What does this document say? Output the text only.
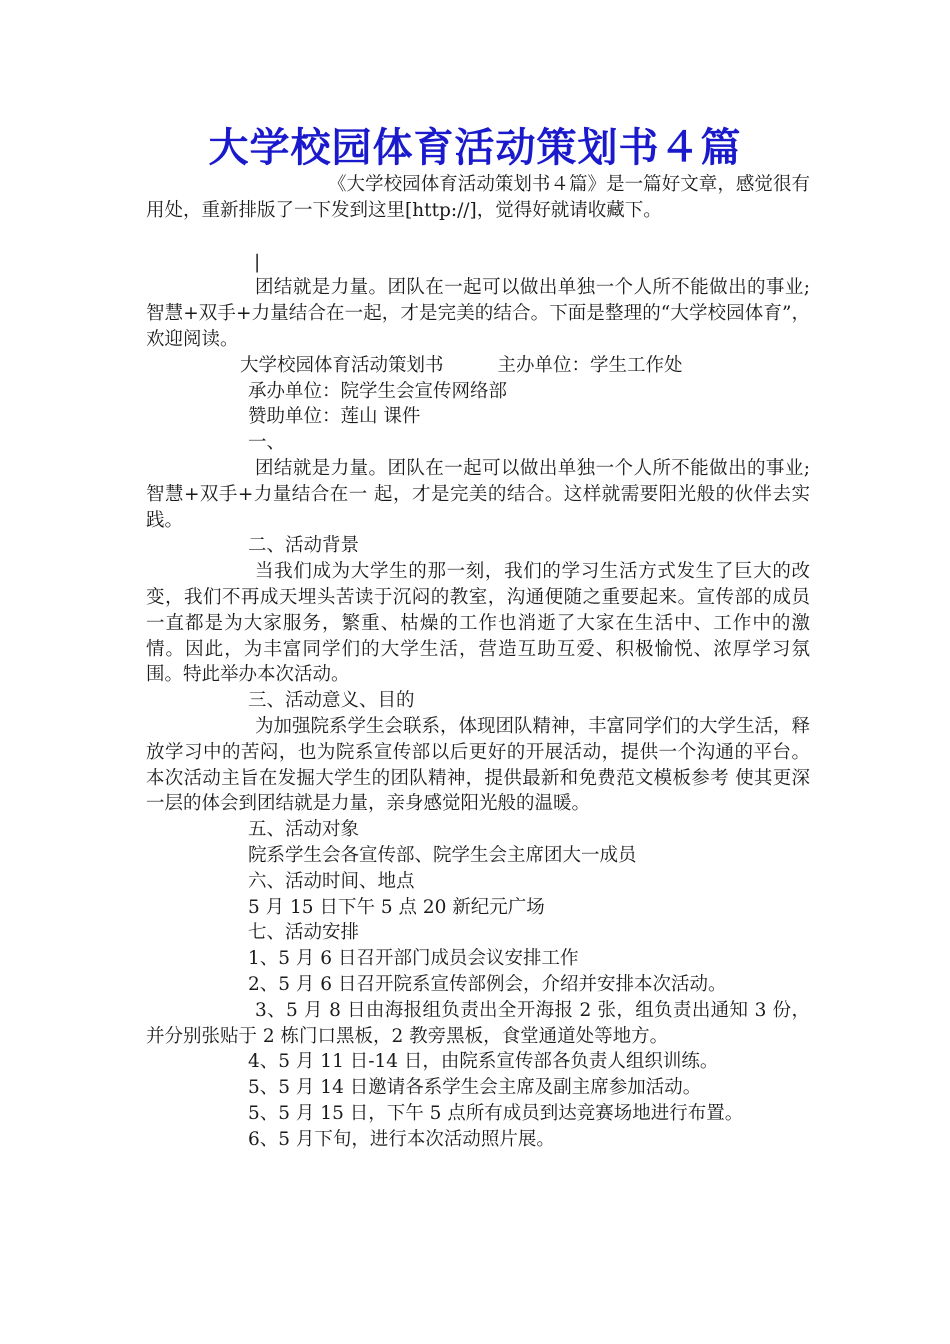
大学校园体育活动策划书４篇

《大学校园体育活动策划书４篇》是一篇好文章，感觉很有用处，重新排版了一下发到这里[http://]，觉得好就请收藏下。

|

团结就是力量。团队在一起可以做出单独一个人所不能做出的事业;智慧+双手+力量结合在一起，才是完美的结合。下面是整理的“大学校园体育”，欢迎阅读。

大学校园体育活动策划书	主办单位：学生工作处

承办单位：院学生会宣传网络部

赞助单位：莲山 课件

一、

团结就是力量。团队在一起可以做出单独一个人所不能做出的事业;智慧+双手+力量结合在一 起，才是完美的结合。这样就需要阳光般的伙伴去实践。

二、活动背景

当我们成为大学生的那一刻，我们的学习生活方式发生了巨大的改变，我们不再成天埋头苦读于沉闷的教室，沟通便随之重要起来。宣传部的成员一直都是为大家服务，繁重、枯燥的工作也消逝了大家在生活中、工作中的激情。因此，为丰富同学们的大学生活，营造互助互爱、积极愉悦、浓厚学习氛围。特此举办本次活动。

三、活动意义、目的

为加强院系学生会联系，体现团队精神，丰富同学们的大学生活，释放学习中的苦闷，也为院系宣传部以后更好的开展活动，提供一个沟通的平台。本次活动主旨在发掘大学生的团队精神，提供最新和免费范文模板参考 使其更深一层的体会到团结就是力量，亲身感觉阳光般的温暖。

五、活动对象

院系学生会各宣传部、院学生会主席团大一成员

六、活动时间、地点

5 月 15 日下午 5 点 20 新纪元广场

七、活动安排

1、5 月 6 日召开部门成员会议安排工作

2、5 月 6 日召开院系宣传部例会，介绍并安排本次活动。

3、5 月 8 日由海报组负责出全开海报 2 张，组负责出通知 3 份，并分别张贴于 2 栋门口黑板，2 教旁黑板，食堂通道处等地方。

4、5 月 11 日-14 日，由院系宣传部各负责人组织训练。

5、5 月 14 日邀请各系学生会主席及副主席参加活动。

5、5 月 15 日，下午 5 点所有成员到达竞赛场地进行布置。

6、5 月下旬，进行本次活动照片展。
